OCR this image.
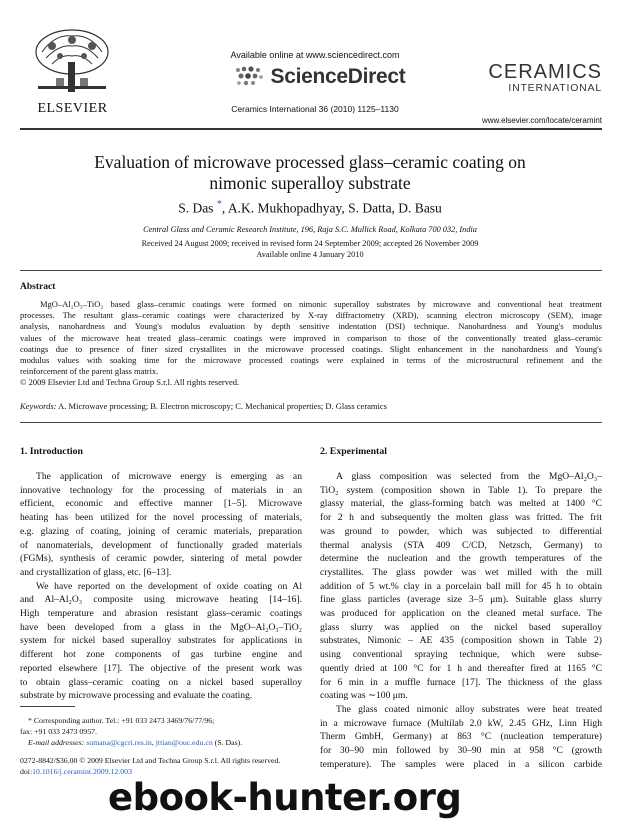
ELSEVIER
Available online at www.sciencedirect.com
ScienceDirect
Ceramics International 36 (2010) 1125–1130
CERAMICS
INTERNATIONAL
www.elsevier.com/locate/ceramint
Evaluation of microwave processed glass–ceramic coating on
nimonic superalloy substrate
S. Das *, A.K. Mukhopadhyay, S. Datta, D. Basu
Central Glass and Ceramic Research Institute, 196, Raja S.C. Mullick Road, Kolkata 700 032, India
Received 24 August 2009; received in revised form 24 September 2009; accepted 26 November 2009
Available online 4 January 2010
Abstract
MgO–Al₂O₃–TiO₂ based glass–ceramic coatings were formed on nimonic superalloy substrates by microwave and conventional heat treatment
processes. The resultant glass–ceramic coatings were characterized by X-ray diffractometry (XRD), scanning electron microscopy (SEM), image
analysis, nanohardness and Young's modulus evaluation by depth sensitive indentation (DSI) technique. Nanohardness and Young's modulus
values of the microwave heat treated glass–ceramic coatings were improved in comparison to those of the conventionally treated glass–ceramic
coatings due to presence of finer sized crystallites in the microwave processed coatings. Slight enhancement in the nanohardness and Young's
modulus values with soaking time for the microwave processed coatings were explained in terms of the microstructural refinement and the
reinforcement of the parent glass matrix.
© 2009 Elsevier Ltd and Techna Group S.r.l. All rights reserved.
Keywords: A. Microwave processing; B. Electron microscopy; C. Mechanical properties; D. Glass ceramics
1. Introduction
The application of microwave energy is emerging as an
innovative technology for the processing of materials in an
efficient, economic and effective manner [1–5]. Microwave
heating has been utilized for the novel processing of materials,
e.g. glazing of coating, joining of ceramic materials, preparation
of nanomaterials, development of functionally graded materials
(FGMs), synthesis of ceramic powder, sintering of metal powder
and crystallization of glass, etc. [6–13].
We have reported on the development of oxide coating on Al
and Al–Al₂O₃ composite using microwave heating [14–16].
High temperature and abrasion resistant glass–ceramic coatings
have been developed from a glass in the MgO–Al₂O₃–TiO₂
system for nickel based superalloy substrates for applications in
different hot zone components of gas turbine engine and
reported elsewhere [17]. The objective of the present work was
to obtain glass–ceramic coating on a nickel based superalloy
substrate by microwave processing and evaluate the coating.

* Corresponding author. Tel.: +91 033 2473 3469/76/77/96;

fax: +91 033 2473 0957.

E-mail addresses: sumana@cgcri.res.in, jttian@ouc.edu.cn (S. Das).

0272-8842/$36.00 © 2009 Elsevier Ltd and Techna Group S.r.l. All rights reserved.
doi:10.1016/j.ceramint.2009.12.003
2. Experimental
A glass composition was selected from the MgO–Al₂O₃–
TiO₂ system (composition shown in Table 1). To prepare the
glassy material, the glass-forming batch was melted at 1400 °C
for 2 h and subsequently the molten glass was fritted. The frit
was ground to powder, which was subjected to differential
thermal analysis (STA 409 C/CD, Netzsch, Germany) to
determine the nucleation and the growth temperatures of the
crystallites. The glass powder was wet milled with the mill
addition of 5 wt.% clay in a porcelain ball mill for 45 h to obtain
fine glass particles (average size 3–5 μm). Suitable glass slurry
was produced for application on the cleaned metal surface. The
glass slurry was applied on the nickel based superalloy
substrates, Nimonic – AE 435 (composition shown in Table 2)
using conventional spraying technique, which were subse-
quently dried at 100 °C for 1 h and thereafter fired at 1165 °C
for 6 min in a muffle furnace [17]. The thickness of the glass
coating was ∼100 μm.
The glass coated nimonic alloy substrates were heat treated
in a microwave furnace (Multilab 2.0 kW, 2.45 GHz, Linn High
Therm GmbH, Germany) at 863 °C (nucleation temperature)
for 30–90 min followed by 30–90 min at 958 °C (growth
temperature). The samples were placed in a silicon carbide
ebook-hunter.org
